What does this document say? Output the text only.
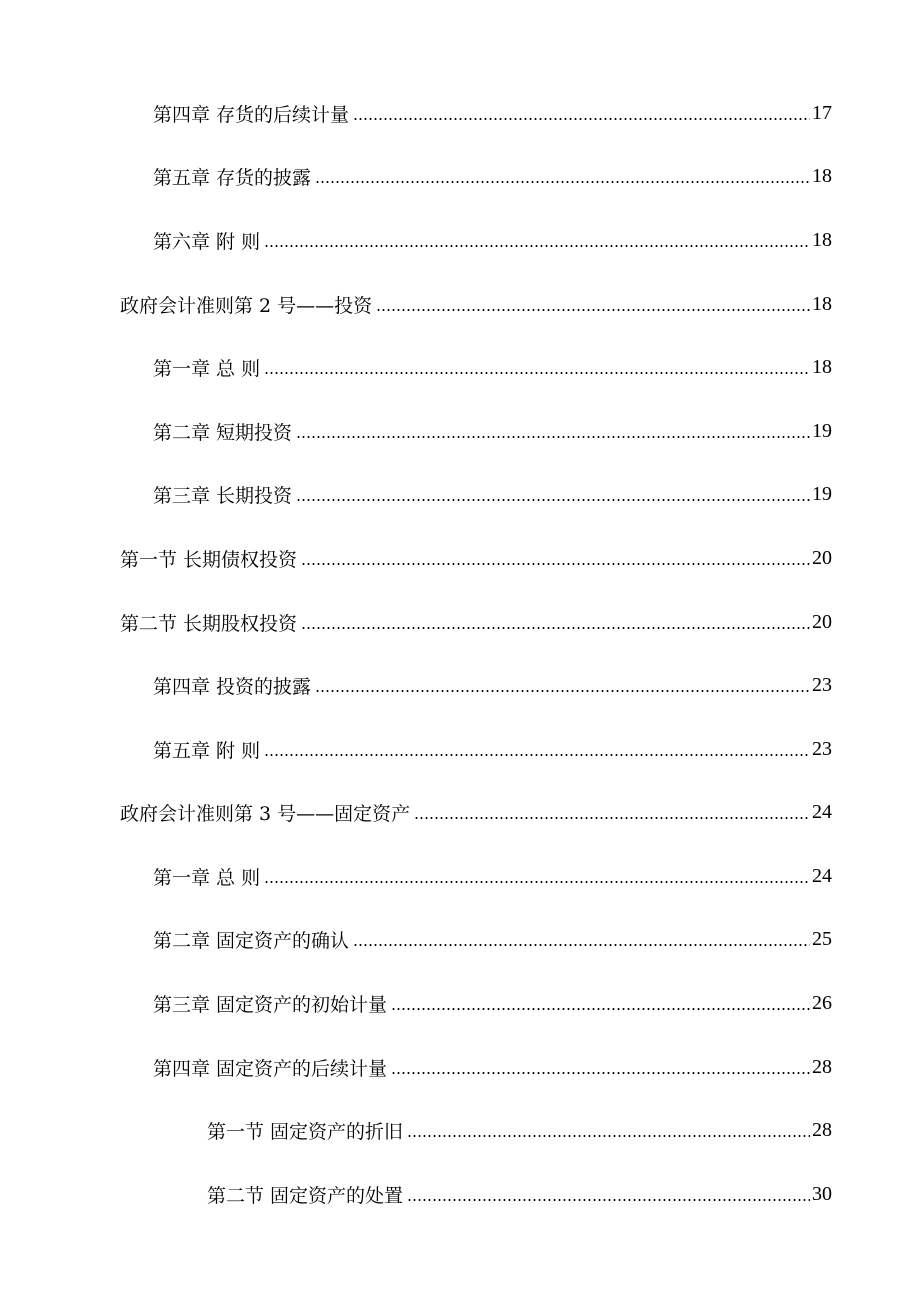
第四章 存货的后续计量	17
第五章 存货的披露	18
第六章 附 则	18
政府会计准则第 2 号——投资	18
第一章 总 则	18
第二章 短期投资	19
第三章 长期投资	19
第一节 长期债权投资	20
第二节 长期股权投资	20
第四章 投资的披露	23
第五章 附 则	23
政府会计准则第 3 号——固定资产	24
第一章 总 则	24
第二章 固定资产的确认	25
第三章 固定资产的初始计量	26
第四章 固定资产的后续计量	28
第一节 固定资产的折旧	28
第二节 固定资产的处置	30
